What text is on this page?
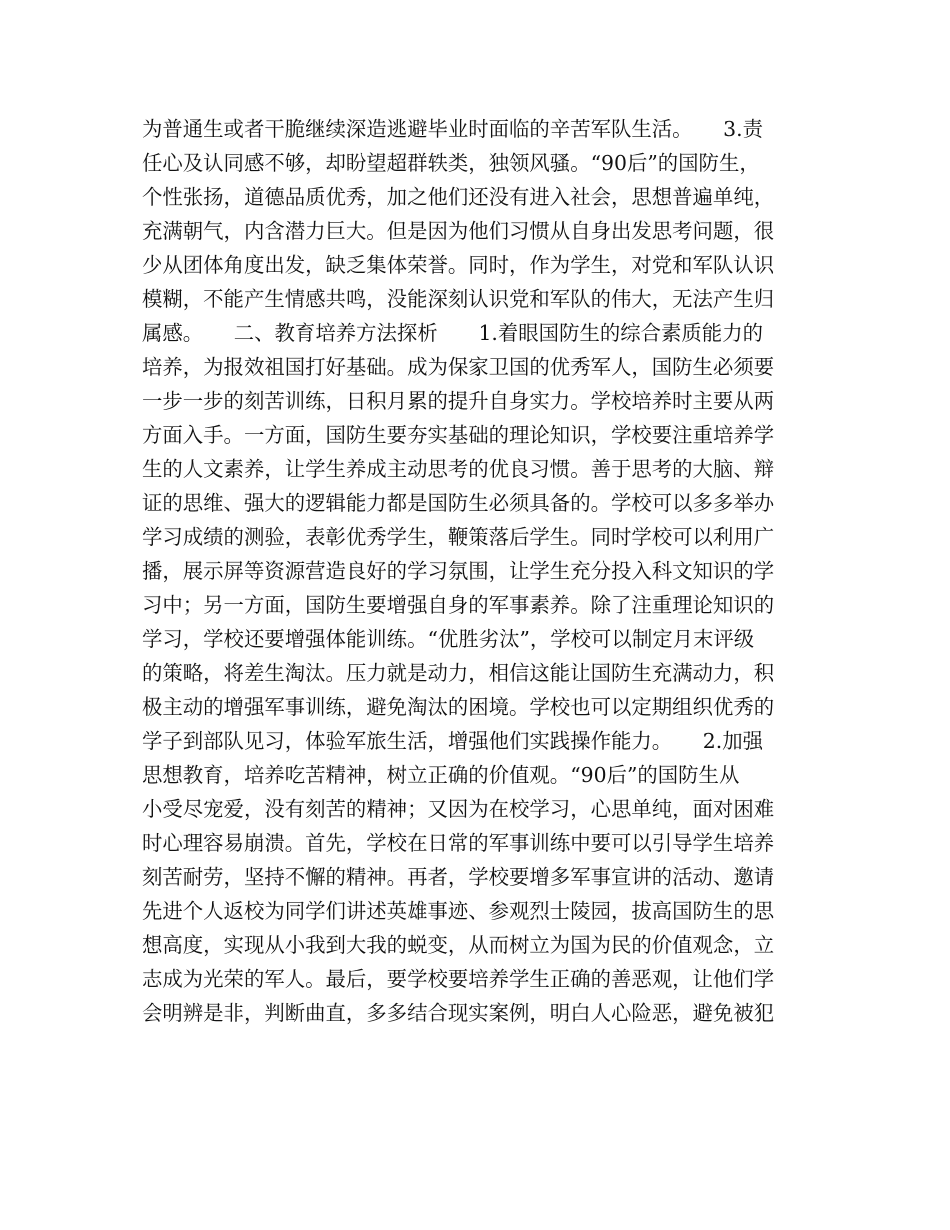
为普通生或者干脆继续深造逃避毕业时面临的辛苦军队生活。　　3.责
任心及认同感不够，却盼望超群轶类，独领风骚。“90后”的国防生，
个性张扬，道德品质优秀，加之他们还没有进入社会，思想普遍单纯，
充满朝气，内含潜力巨大。但是因为他们习惯从自身出发思考问题，很
少从团体角度出发，缺乏集体荣誉。同时，作为学生，对党和军队认识
模糊，不能产生情感共鸣，没能深刻认识党和军队的伟大，无法产生归
属感。　　二、教育培养方法探析　　1.着眼国防生的综合素质能力的
培养，为报效祖国打好基础。成为保家卫国的优秀军人，国防生必须要
一步一步的刻苦训练，日积月累的提升自身实力。学校培养时主要从两
方面入手。一方面，国防生要夯实基础的理论知识，学校要注重培养学
生的人文素养，让学生养成主动思考的优良习惯。善于思考的大脑、辩
证的思维、强大的逻辑能力都是国防生必须具备的。学校可以多多举办
学习成绩的测验，表彰优秀学生，鞭策落后学生。同时学校可以利用广
播，展示屏等资源营造良好的学习氛围，让学生充分投入科文知识的学
习中；另一方面，国防生要增强自身的军事素养。除了注重理论知识的
学习，学校还要增强体能训练。“优胜劣汰”，学校可以制定月末评级
的策略，将差生淘汰。压力就是动力，相信这能让国防生充满动力，积
极主动的增强军事训练，避免淘汰的困境。学校也可以定期组织优秀的
学子到部队见习，体验军旅生活，增强他们实践操作能力。　　2.加强
思想教育，培养吃苦精神，树立正确的价值观。“90后”的国防生从
小受尽宠爱，没有刻苦的精神；又因为在校学习，心思单纯，面对困难
时心理容易崩溃。首先，学校在日常的军事训练中要可以引导学生培养
刻苦耐劳，坚持不懈的精神。再者，学校要增多军事宣讲的活动、邀请
先进个人返校为同学们讲述英雄事迹、参观烈士陵园，拔高国防生的思
想高度，实现从小我到大我的蜕变，从而树立为国为民的价值观念，立
志成为光荣的军人。最后，要学校要培养学生正确的善恶观，让他们学
会明辨是非，判断曲直，多多结合现实案例，明白人心险恶，避免被犯
